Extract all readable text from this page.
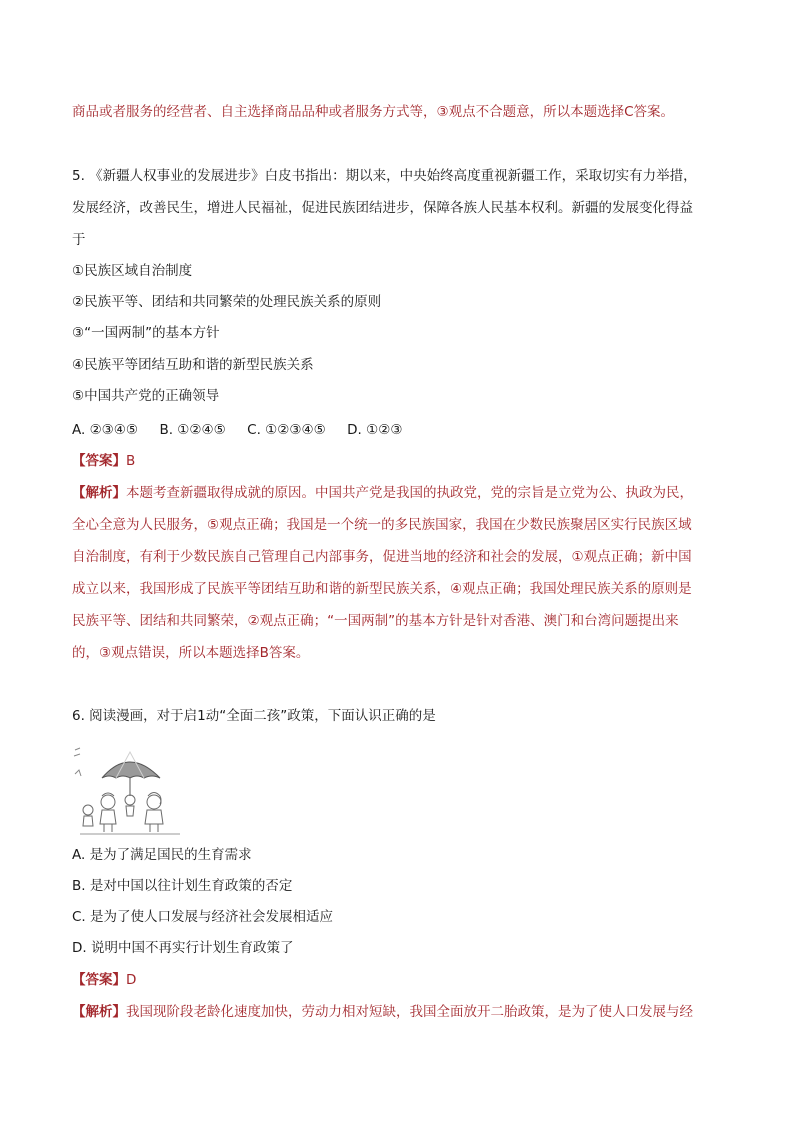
商品或者服务的经营者、自主选择商品品种或者服务方式等，③观点不合题意，所以本题选择C答案。
5. 《新疆人权事业的发展进步》白皮书指出：期以来，中央始终高度重视新疆工作，采取切实有力举措，
发展经济，改善民生，增进人民福祉，促进民族团结进步，保障各族人民基本权利。新疆的发展变化得益
于
①民族区域自治制度
②民族平等、团结和共同繁荣的处理民族关系的原则
③“一国两制”的基本方针
④民族平等团结互助和谐的新型民族关系
⑤中国共产党的正确领导
A. ②③④⑤     B. ①②④⑤     C. ①②③④⑤     D. ①②③
【答案】B
【解析】本题考查新疆取得成就的原因。中国共产党是我国的执政党，党的宗旨是立党为公、执政为民，
全心全意为人民服务，⑤观点正确；我国是一个统一的多民族国家，我国在少数民族聚居区实行民族区域
自治制度，有利于少数民族自己管理自己内部事务，促进当地的经济和社会的发展，①观点正确；新中国
成立以来，我国形成了民族平等团结互助和谐的新型民族关系，④观点正确；我国处理民族关系的原则是
民族平等、团结和共同繁荣，②观点正确；“一国两制”的基本方针是针对香港、澳门和台湾问题提出来
的，③观点错误，所以本题选择B答案。
6. 阅读漫画，对于启1动“全面二孩”政策，下面认识正确的是
A. 是为了满足国民的生育需求
B. 是对中国以往计划生育政策的否定
C. 是为了使人口发展与经济社会发展相适应
D. 说明中国不再实行计划生育政策了
【答案】D
【解析】我国现阶段老龄化速度加快，劳动力相对短缺，我国全面放开二胎政策，是为了使人口发展与经
